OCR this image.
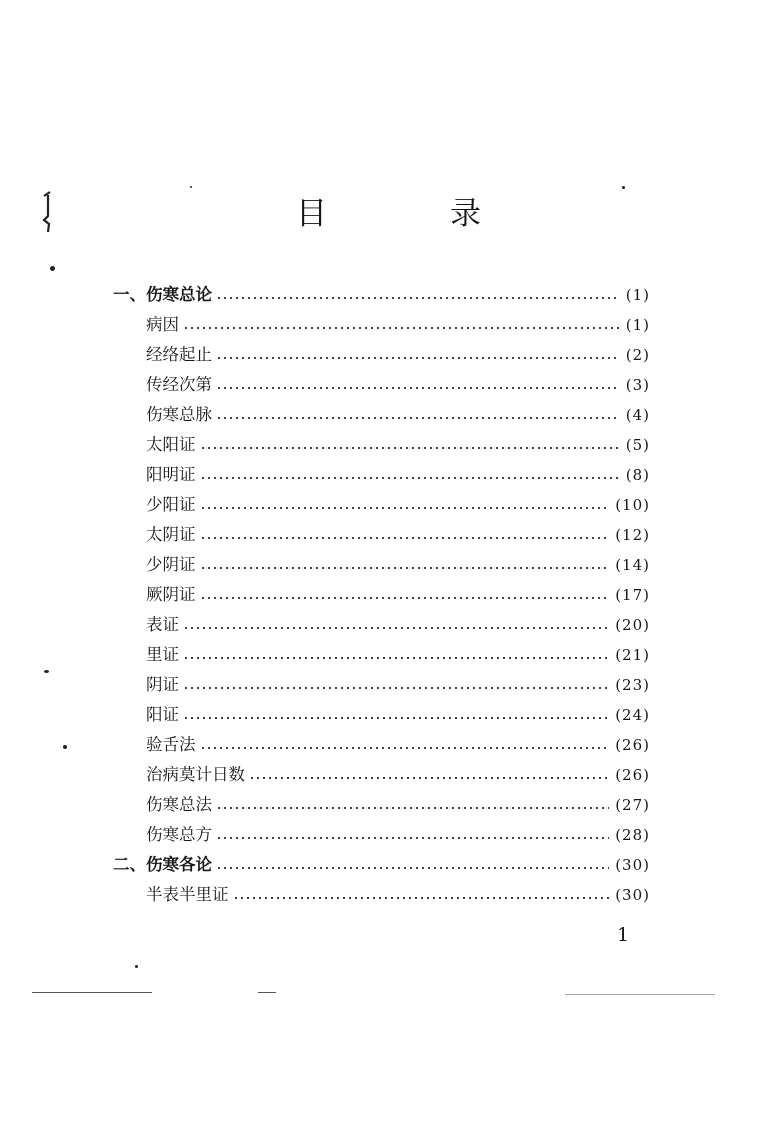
目　录
一、伤寒总论	(1)
病因	(1)
经络起止	(2)
传经次第	(3)
伤寒总脉	(4)
太阳证	(5)
阳明证	(8)
少阳证	(10)
太阴证	(12)
少阴证	(14)
厥阴证	(17)
表证	(20)
里证	(21)
阴证	(23)
阳证	(24)
验舌法	(26)
治病莫计日数	(26)
伤寒总法	(27)
伤寒总方	(28)
二、伤寒各论	(30)
半表半里证	(30)
1
